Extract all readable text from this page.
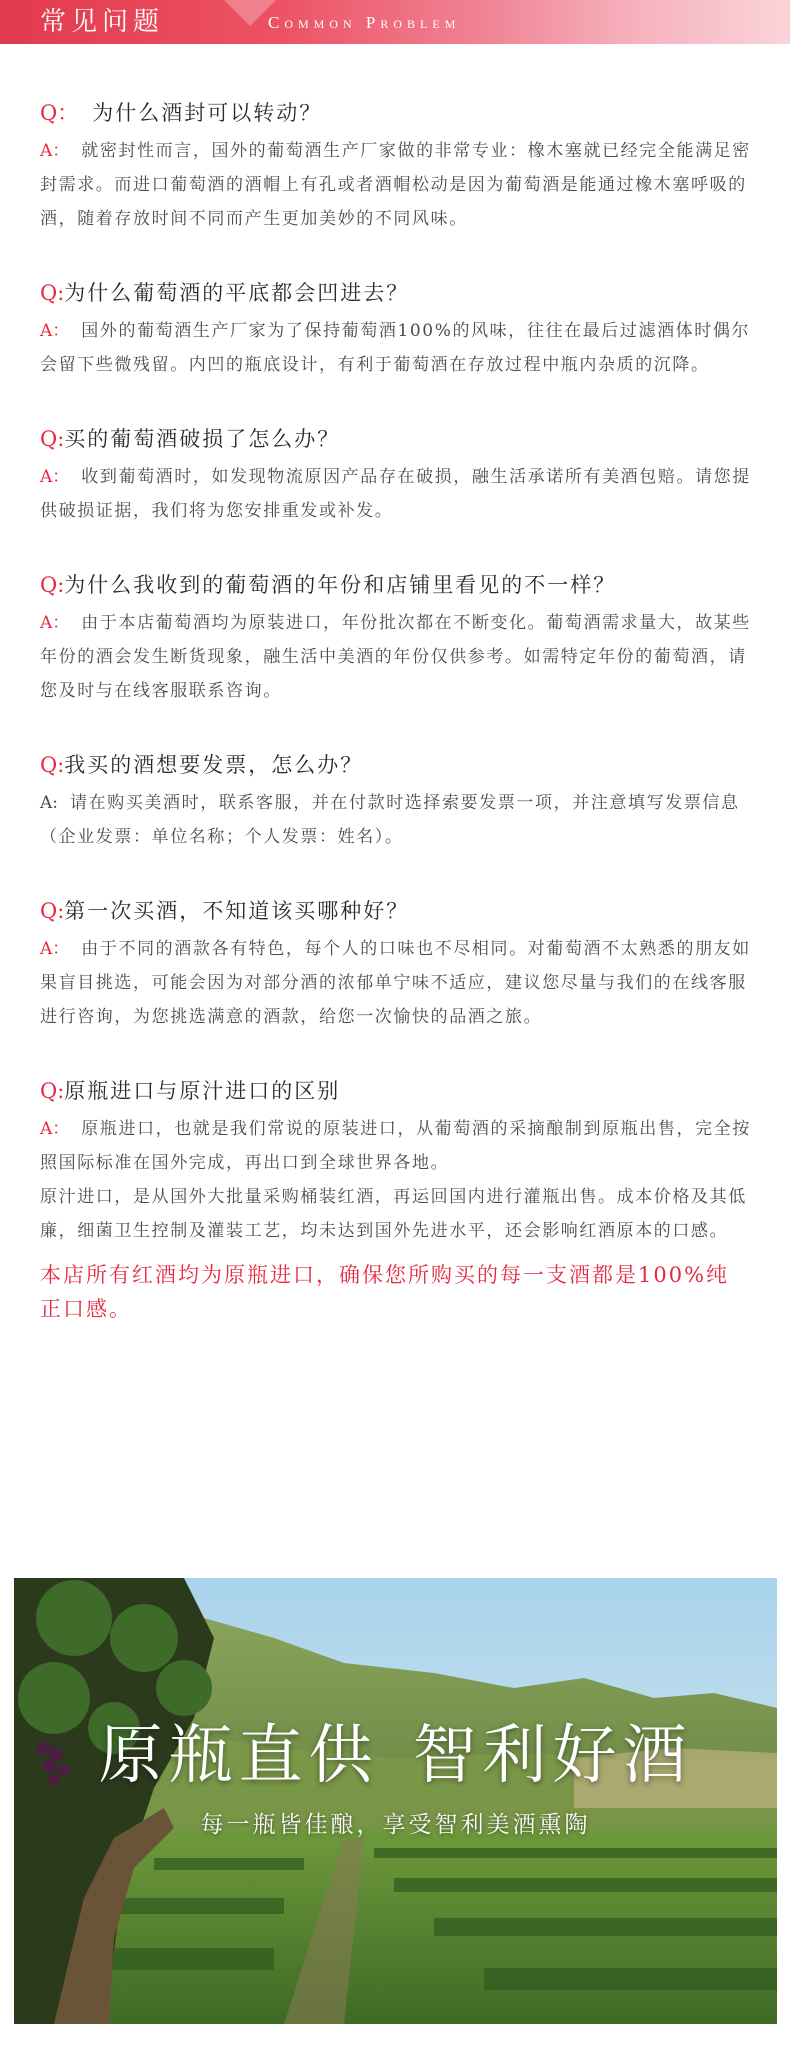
常见问题	Common Problem

Q： 为什么酒封可以转动？

A： 就密封性而言，国外的葡萄酒生产厂家做的非常专业：橡木塞就已经完全能满足密封需求。而进口葡萄酒的酒帽上有孔或者酒帽松动是因为葡萄酒是能通过橡木塞呼吸的酒，随着存放时间不同而产生更加美妙的不同风味。

Q:为什么葡萄酒的平底都会凹进去？

A： 国外的葡萄酒生产厂家为了保持葡萄酒100%的风味，往往在最后过滤酒体时偶尔会留下些微残留。内凹的瓶底设计，有利于葡萄酒在存放过程中瓶内杂质的沉降。

Q:买的葡萄酒破损了怎么办？

A： 收到葡萄酒时，如发现物流原因产品存在破损，融生活承诺所有美酒包赔。请您提供破损证据，我们将为您安排重发或补发。

Q:为什么我收到的葡萄酒的年份和店铺里看见的不一样？

A： 由于本店葡萄酒均为原装进口，年份批次都在不断变化。葡萄酒需求量大，故某些年份的酒会发生断货现象，融生活中美酒的年份仅供参考。如需特定年份的葡萄酒，请您及时与在线客服联系咨询。

Q:我买的酒想要发票，怎么办？

A: 请在购买美酒时，联系客服，并在付款时选择索要发票一项，并注意填写发票信息（企业发票：单位名称；个人发票：姓名）。

Q:第一次买酒，不知道该买哪种好？

A： 由于不同的酒款各有特色，每个人的口味也不尽相同。对葡萄酒不太熟悉的朋友如果盲目挑选，可能会因为对部分酒的浓郁单宁味不适应，建议您尽量与我们的在线客服进行咨询，为您挑选满意的酒款，给您一次愉快的品酒之旅。

Q:原瓶进口与原汁进口的区别

A： 原瓶进口，也就是我们常说的原装进口，从葡萄酒的采摘酿制到原瓶出售，完全按照国际标准在国外完成，再出口到全球世界各地。
原汁进口，是从国外大批量采购桶装红酒，再运回国内进行灌瓶出售。成本价格及其低廉，细菌卫生控制及灌装工艺，均未达到国外先进水平，还会影响红酒原本的口感。

本店所有红酒均为原瓶进口，确保您所购买的每一支酒都是100%纯正口感。
原瓶直供 智利好酒
每一瓶皆佳酿，享受智利美酒熏陶
